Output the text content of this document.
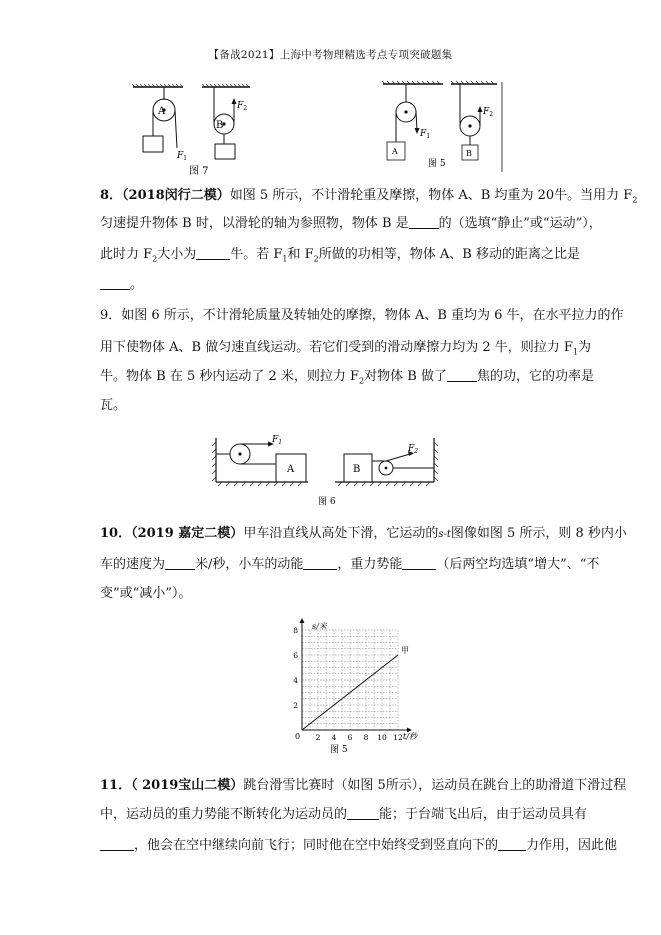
【备战2021】上海中考物理精选考点专项突破题集
A
$F_1$
B
$F_2$
图 7
A
$F_1$
B
$F_2$
图 5
8．（2018闵行二模）如图 5 所示，不计滑轮重及摩擦，物体 A、B 均重为 20牛。当用力 $F_2$
匀速提升物体 B 时，以滑轮的轴为参照物，物体 B 是 的（选填“静止”或“运动”），
此时力 $F_2$大小为	牛。若 $F_1$和 $F_2$所做的功相等，物体 A、B 移动的距离之比是
。
9．如图 6 所示，不计滑轮质量及转轴处的摩擦，物体 A、B 重均为 6 牛，在水平拉力的作
用下使物体 A、B 做匀速直线运动。若它们受到的滑动摩擦力均为 2 牛，则拉力 $F_1$为
牛。物体 B 在 5 秒内运动了 2 米，则拉力 $F_2$对物体 B 做了 焦的功，它的功率是
瓦。
A
$F_1$
B
$F_2$
图 6
10．（2019 嘉定二模）甲车沿直线从高处下滑，它运动的s-t图像如图 5 所示，则 8 秒内小
车的速度为 米/秒，小车的动能	，重力势能	（后两空均选填“增大”、“不
变”或“减小”）。
2 4 6 8 10 12
2
4
6
8
甲
s/米
t/秒
0
图 5
11．（ 2019宝山二模）跳台滑雪比赛时（如图 5所示），运动员在跳台上的助滑道下滑过程
中，运动员的重力势能不断转化为运动员的 能；于台端飞出后，由于运动员具有
，他会在空中继续向前飞行；同时他在空中始终受到竖直向下的 力作用，因此他
